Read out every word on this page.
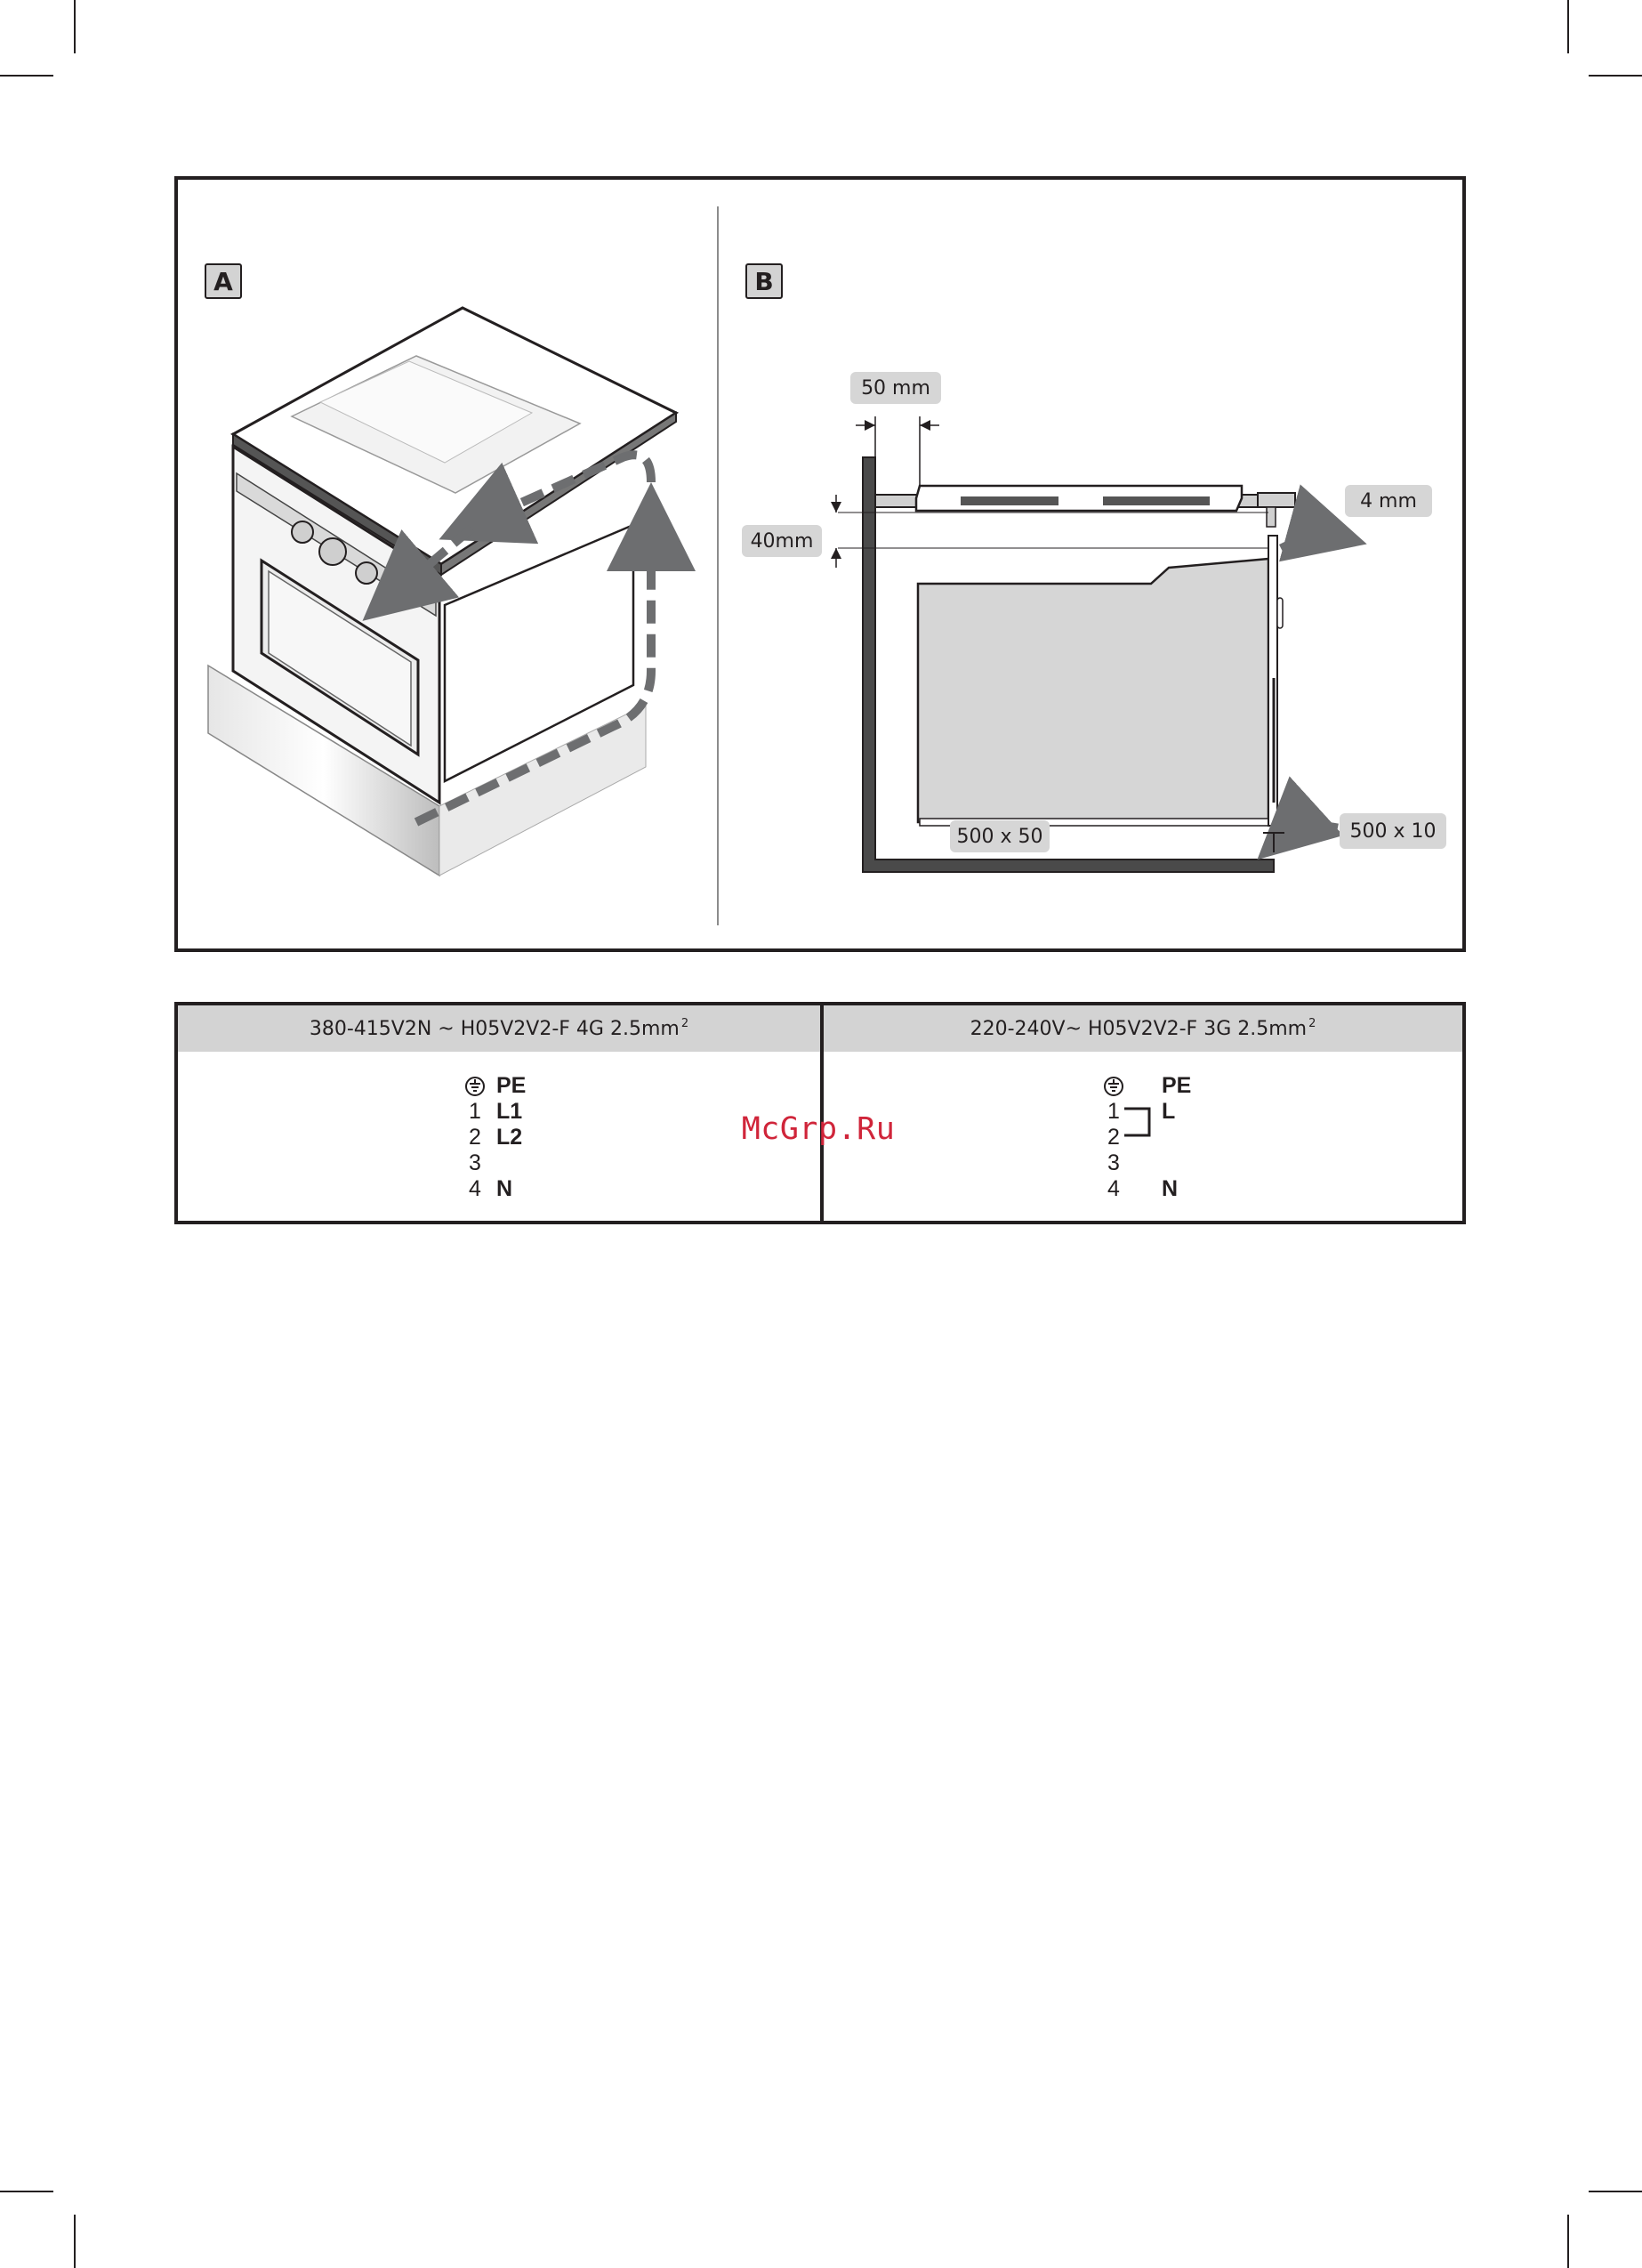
A	B
50 mm
40mm
4 mm
500 x 50	500 x 10
380-415V2N ~ H05V2V2-F 4G $2.5mm^2$
PE
1 L1
2 L2
3
4 N
220-240V~ H05V2V2-F 3G $2.5mm^2$
PE
1 L
2
3
4 N
McGrp.Ru
